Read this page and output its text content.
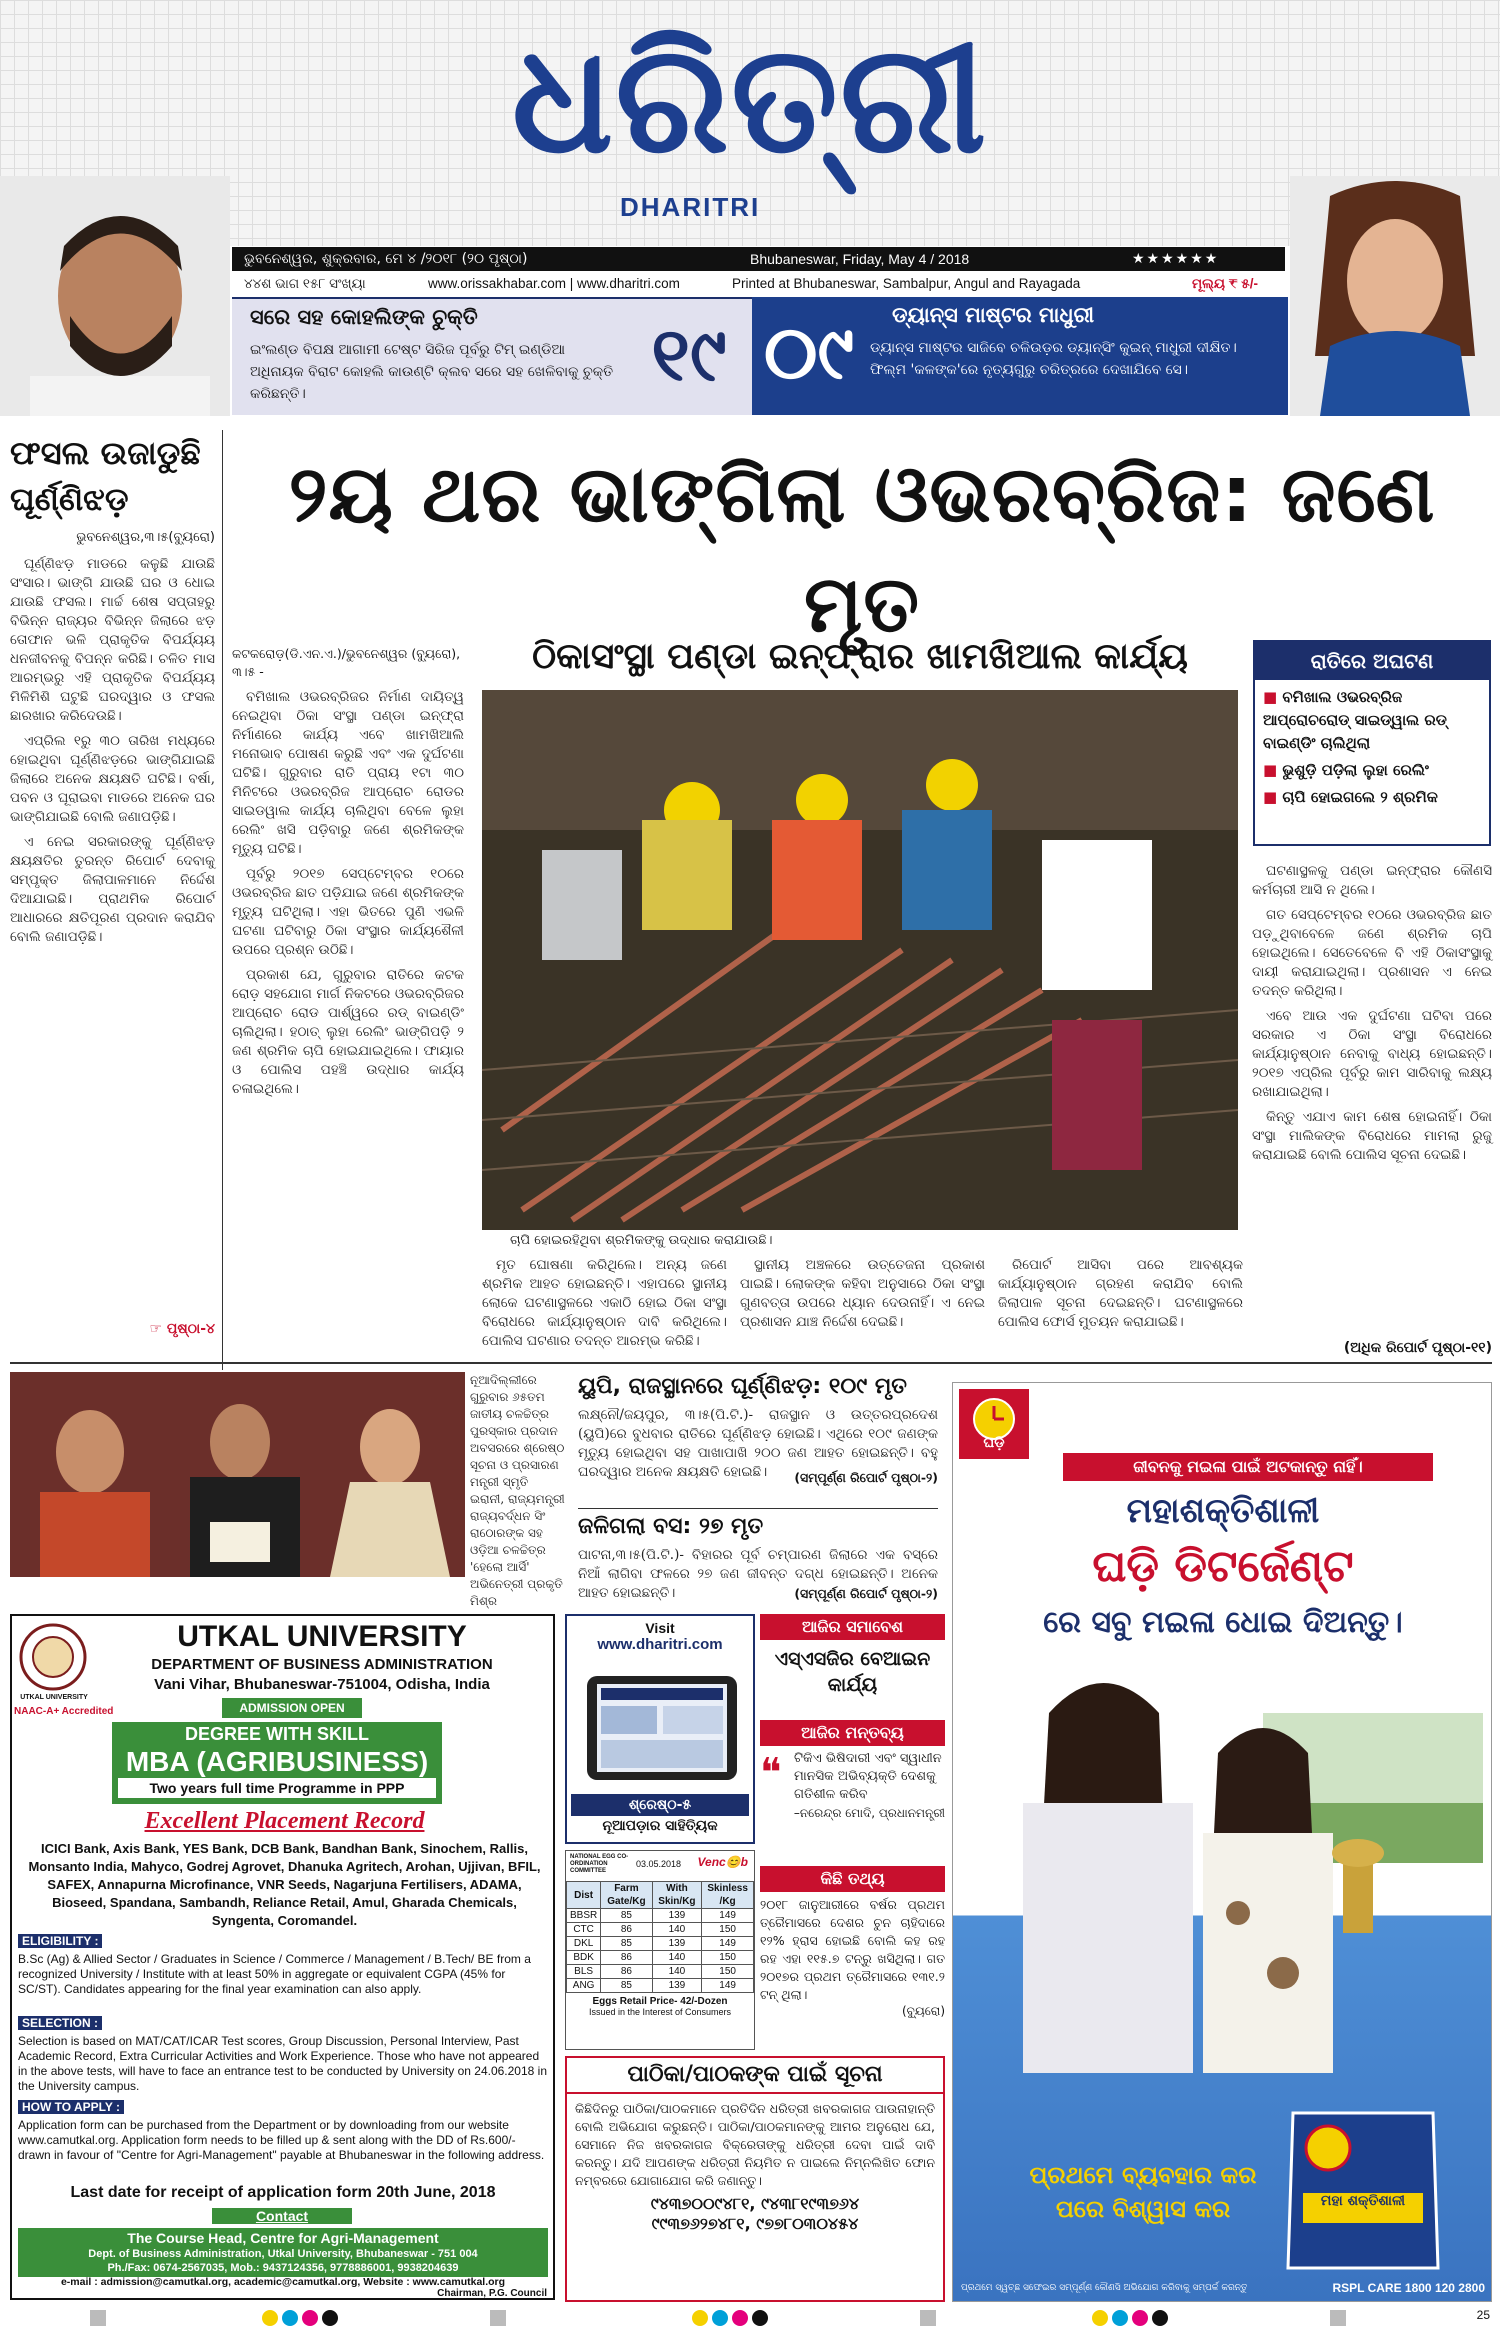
ଧରିତ୍ରୀ
DHARITRI
ଭୁବନେଶ୍ୱର, ଶୁକ୍ରବାର, ମେ ୪ /୨୦୧୮ (୨୦ ପୃଷ୍ଠା)	Bhubaneswar, Friday, May 4 / 2018	★★★★★★
୪୪ଶ ଭାଗ ୧୫୮ ସଂଖ୍ୟା	www.orissakhabar.com | www.dharitri.com	Printed at Bhubaneswar, Sambalpur, Angul and Rayagada	ମୂଲ୍ୟ ₹ ୫/-
ସରେ ସହ କୋହଲିଙ୍କ ଚୁକ୍ତି
ଇଂଲଣ୍ଡ ବିପକ୍ଷ ଆଗାମୀ ଟେଷ୍ଟ ସିରିଜ ପୂର୍ବରୁ ଟିମ୍ ଇଣ୍ଡିଆ ଅଧିନାୟକ ବିରାଟ କୋହଲି କାଉଣ୍ଟି କ୍ଲବ ସରେ ସହ ଖେଳିବାକୁ ଚୁକ୍ତି କରିଛନ୍ତି।	୧୯ ୦୯	ଡ୍ୟାନ୍ସ ମାଷ୍ଟର ମାଧୁରୀ
ଡ୍ୟାନ୍ସ ମାଷ୍ଟର ସାଜିବେ ଚଳିଉଡ଼ର ଡ୍ୟାନ୍ସିଂ କୁଇନ୍ ମାଧୁରୀ ଦୀକ୍ଷିତ। ଫିଲ୍ମ 'କଳଙ୍କ'ରେ ନୃତ୍ୟଗୁରୁ ଚରିତ୍ରରେ ଦେଖାଯିବେ ସେ।
ଫସଲ ଉଜାଡୁଛି ଘୂର୍ଣ୍ଣିଝଡ଼
ଭୁବନେଶ୍ୱର,୩।୫(ବ୍ୟୁରୋ)

ଘୂର୍ଣ୍ଣିଝଡ଼ ମାଡରେ କଳୁଛି ଯାଉଛି ସଂସାର। ଭାଙ୍ଗି ଯାଉଛି ଘର ଓ ଧୋଇ ଯାଉଛି ଫସଲ। ମାର୍ଚ୍ଚ ଶେଷ ସପ୍ତାହରୁ ବିଭିନ୍ନ ରାଜ୍ୟର ବିଭିନ୍ନ ଜିଲାରେ ଝଡ଼ ତୋଫାନ ଭଳି ପ୍ରାକୃତିକ ବିପର୍ଯ୍ୟୟ ଧନଜୀବନକୁ ବିପନ୍ନ କରିଛି। ଚଳିତ ମାସ ଆରମ୍ଭରୁ ଏହି ପ୍ରାକୃତିକ ବିପର୍ଯ୍ୟୟ ମିଳିମିଶି ଘଟୁଛି ଘରଦ୍ୱାର ଓ ଫସଲ ଛାରଖାର କରିଦେଉଛି।

ଏପ୍ରିଲ ୧ରୁ ୩୦ ତାରିଖ ମଧ୍ୟରେ ହୋଇଥିବା ଘୂର୍ଣ୍ଣିଝଡ଼ରେ ଭାଙ୍ଗିଯାଇଛି ଜିଲାରେ ଅନେକ କ୍ଷୟକ୍ଷତି ଘଟିଛି। ବର୍ଷା, ପବନ ଓ ଘୂରାଇବା ମାଡରେ ଅନେକ ଘର ଭାଙ୍ଗିଯାଇଛି ବୋଲି ଜଣାପଡ଼ିଛି।

ଏ ନେଇ ସରକାରଙ୍କୁ ଘୂର୍ଣ୍ଣିଝଡ଼ କ୍ଷୟକ୍ଷତିର ତୁରନ୍ତ ରିପୋର୍ଟ ଦେବାକୁ ସମ୍ପୃକ୍ତ ଜିଲାପାଳମାନେ ନିର୍ଦ୍ଦେଶ ଦିଆଯାଇଛି। ପ୍ରାଥମିକ ରିପୋର୍ଟ ଆଧାରରେ କ୍ଷତିପୂରଣ ପ୍ରଦାନ କରାଯିବ ବୋଲି ଜଣାପଡ଼ିଛି।

☞ ପୃଷ୍ଠା-୪
୨ୟ ଥର ଭାଙ୍ଗିଲା ଓଭରବ୍ରିଜ: ଜଣେ ମୃତ
କଟକରୋଡ଼(ଡି.ଏନ.ଏ.)/ଭୁବନେଶ୍ୱର (ବ୍ୟୁରୋ), ୩।୫ -	ଠିକାସଂସ୍ଥା ପଣ୍ଡା ଇନ୍‌ଫ୍ରାର ଖାମଖିଆଲ କାର୍ଯ୍ୟ	ରାତିରେ ଅଘଟଣ
■ ବମିଖାଲ ଓଭରବ୍ରିଜ ଆପ୍ରୋଚରୋଡ୍ ସାଇଡ୍‌ୱାଲ ରଡ୍ ବାଇଣ୍ଡିଂ ଚାଲିଥିଲା
■ ଭୁଶୁଡ଼ି ପଡ଼ିଲା ଲୁହା ରେଲିଂ
■ ଚାପି ହୋଇଗଲେ ୨ ଶ୍ରମିକ

ବମିଖାଲ ଓଭରବ୍ରିଜର ନିର୍ମାଣ ଦାୟିତ୍ୱ ନେଇଥିବା ଠିକା ସଂସ୍ଥା ପଣ୍ଡା ଇନ୍‌ଫ୍ରା ନିର୍ମାଣରେ କାର୍ଯ୍ୟ ଏବେ ଖାମଖିଆଲି ମନୋଭାବ ପୋଷଣ କରୁଛି ଏବଂ ଏକ ଦୁର୍ଘଟଣା ଘଟିଛି। ଗୁରୁବାର ରାତି ପ୍ରାୟ ୧ଟା ୩୦ ମିନିଟରେ ଓଭରବ୍ରିଜ ଆପ୍ରୋଚ ରୋଡର ସାଇଡୱାଲ କାର୍ଯ୍ୟ ଚାଲିଥିବା ବେଳେ ଲୁହା ରେଲିଂ ଖସି ପଡ଼ିବାରୁ ଜଣେ ଶ୍ରମିକଙ୍କ ମୃତ୍ୟୁ ଘଟିଛି।

ପୂର୍ବରୁ ୨୦୧୭ ସେପ୍ଟେମ୍ବର ୧୦ରେ ଓଭରବ୍ରିଜ ଛାତ ପଡ଼ିଯାଇ ଜଣେ ଶ୍ରମିକଙ୍କ ମୃତ୍ୟୁ ଘଟିଥିଲା। ଏହା ଭିତରେ ପୁଣି ଏଭଳି ଘଟଣା ଘଟିବାରୁ ଠିକା ସଂସ୍ଥାର କାର୍ଯ୍ୟଶୈଳୀ ଉପରେ ପ୍ରଶ୍ନ ଉଠିଛି।

ପ୍ରକାଶ ଯେ, ଗୁରୁବାର ରାତିରେ କଟକ ରୋଡ଼ ସହଯୋଗ ମାର୍ଗ ନିକଟରେ ଓଭରବ୍ରିଜର ଆପ୍ରୋଚ ରୋଡ ପାର୍ଶ୍ୱରେ ରଡ୍ ବାଇଣ୍ଡିଂ ଚାଲିଥିଲା। ହଠାତ୍ ଲୁହା ରେଲିଂ ଭାଙ୍ଗିପଡ଼ି ୨ ଜଣ ଶ୍ରମିକ ଚାପି ହୋଇଯାଇଥିଲେ। ଫାୟାର ଓ ପୋଲିସ ପହଞ୍ଚି ଉଦ୍ଧାର କାର୍ଯ୍ୟ ଚଳାଇଥିଲେ।

ଚାପି ହୋଇରହିଥିବା ଶ୍ରମିକଙ୍କୁ ଉଦ୍ଧାର କରାଯାଉଛି।

ଘଟଣାସ୍ଥଳକୁ ପଣ୍ଡା ଇନ୍‌ଫ୍ରାର କୌଣସି କର୍ମଚାରୀ ଆସି ନ ଥିଲେ।

ଗତ ସେପ୍ଟେମ୍ବର ୧୦ରେ ଓଭରବ୍ରିଜ ଛାତ ପଡ଼ୁଥିବାବେଳେ ଜଣେ ଶ୍ରମିକ ଚାପି ହୋଇଥିଲେ। ସେତେବେଳେ ବି ଏହି ଠିକାସଂସ୍ଥାକୁ ଦାୟୀ କରାଯାଇଥିଲା। ପ୍ରଶାସନ ଏ ନେଇ ତଦନ୍ତ କରିଥିଲା।

ଏବେ ଆଉ ଏକ ଦୁର୍ଘଟଣା ଘଟିବା ପରେ ସରକାର ଏ ଠିକା ସଂସ୍ଥା ବିରୋଧରେ କାର୍ଯ୍ୟାନୁଷ୍ଠାନ ନେବାକୁ ବାଧ୍ୟ ହୋଇଛନ୍ତି। ୨୦୧୭ ଏପ୍ରିଲ ପୂର୍ବରୁ କାମ ସାରିବାକୁ ଲକ୍ଷ୍ୟ ରଖାଯାଇଥିଲା।

କିନ୍ତୁ ଏଯାଏ କାମ ଶେଷ ହୋଇନାହିଁ। ଠିକା ସଂସ୍ଥା ମାଲିକଙ୍କ ବିରୋଧରେ ମାମଲା ରୁଜୁ କରାଯାଇଛି ବୋଲି ପୋଲିସ ସୂଚନା ଦେଇଛି।

ମୃତ ଘୋଷଣା କରିଥିଲେ। ଅନ୍ୟ ଜଣେ ଶ୍ରମିକ ଆହତ ହୋଇଛନ୍ତି। ଏହାପରେ ସ୍ଥାନୀୟ ଲୋକେ ଘଟଣାସ୍ଥଳରେ ଏକାଠି ହୋଇ ଠିକା ସଂସ୍ଥା ବିରୋଧରେ କାର୍ଯ୍ୟାନୁଷ୍ଠାନ ଦାବି କରିଥିଲେ। ପୋଲିସ ଘଟଣାର ତଦନ୍ତ ଆରମ୍ଭ କରିଛି।

ସ୍ଥାନୀୟ ଅଞ୍ଚଳରେ ଉତ୍ତେଜନା ପ୍ରକାଶ ପାଇଛି। ଲୋକଙ୍କ କହିବା ଅନୁସାରେ ଠିକା ସଂସ୍ଥା ଗୁଣବତ୍ତା ଉପରେ ଧ୍ୟାନ ଦେଉନାହିଁ। ଏ ନେଇ ପ୍ରଶାସନ ଯାଞ୍ଚ ନିର୍ଦ୍ଦେଶ ଦେଇଛି।

ରିପୋର୍ଟ ଆସିବା ପରେ ଆବଶ୍ୟକ କାର୍ଯ୍ୟାନୁଷ୍ଠାନ ଗ୍ରହଣ କରାଯିବ ବୋଲି ଜିଲାପାଳ ସୂଚନା ଦେଇଛନ୍ତି। ଘଟଣାସ୍ଥଳରେ ପୋଲିସ ଫୋର୍ସ ମୁତୟନ କରାଯାଇଛି।

(ଅଧିକ ରିପୋର୍ଟ ପୃଷ୍ଠା-୧୧)
ନୂଆଦିଲ୍ଲୀରେ ଗୁରୁବାର ୬୫ତମ ଜାତୀୟ ଚଳଚ୍ଚିତ୍ର ପୁରସ୍କାର ପ୍ରଦାନ ଅବସରରେ ଶ୍ରେଷ୍ଠ ସୂଚନା ଓ ପ୍ରସାରଣ ମନ୍ତ୍ରୀ ସ୍ମୃତି ଇରାନୀ, ରାଜ୍ୟମନ୍ତ୍ରୀ ରାଜ୍ୟବର୍ଦ୍ଧନ ସିଂ ରାଠୋରଙ୍କ ସହ ଓଡ଼ିଆ ଚଳଚ୍ଚିତ୍ର 'ହେଲୋ ଆର୍ସି' ଅଭିନେତ୍ରୀ ପ୍ରକୃତି ମିଶ୍ର
ୟୁପି, ରାଜସ୍ଥାନରେ ଘୂର୍ଣ୍ଣିଝଡ଼: ୧୦୯ ମୃତ
ଲକ୍ଷ୍ନୌ/ଜୟପୁର, ୩।୫(ପି.ଟି.)- ରାଜସ୍ଥାନ ଓ ଉତ୍ତରପ୍ରଦେଶ (ୟୁପି)ରେ ବୁଧବାର ରାତିରେ ଘୂର୍ଣ୍ଣିଝଡ଼ ହୋଇଛି। ଏଥିରେ ୧୦୯ ଜଣଙ୍କ ମୃତ୍ୟୁ ହୋଇଥିବା ସହ ପାଖାପାଖି ୨୦୦ ଜଣ ଆହତ ହୋଇଛନ୍ତି। ବହୁ ଘରଦ୍ୱାର ଅନେକ କ୍ଷୟକ୍ଷତି ହୋଇଛି।	(ସମ୍ପୂର୍ଣ୍ଣ ରିପୋର୍ଟ ପୃଷ୍ଠା-୨)
ଜଳିଗଲା ବସ: ୨୭ ମୃତ
ପାଟନା,୩।୫(ପି.ଟି.)- ବିହାରର ପୂର୍ବ ଚମ୍ପାରଣ ଜିଲାରେ ଏକ ବସ୍‌ରେ ନିଆଁ ଲାଗିବା ଫଳରେ ୨୭ ଜଣ ଜୀବନ୍ତ ଦଗ୍ଧ ହୋଇଛନ୍ତି। ଅନେକ ଆହତ ହୋଇଛନ୍ତି।	(ସମ୍ପୂର୍ଣ୍ଣ ରିପୋର୍ଟ ପୃଷ୍ଠା-୨)
UTKAL UNIVERSITY
NAAC-A+ Accredited
UTKAL UNIVERSITY
DEPARTMENT OF BUSINESS ADMINISTRATION
Vani Vihar, Bhubaneswar-751004, Odisha, India
ADMISSION OPEN
DEGREE WITH SKILL
MBA (AGRIBUSINESS)
Two years full time Programme in PPP
Excellent Placement Record
ICICI Bank, Axis Bank, YES Bank, DCB Bank, Bandhan Bank, Sinochem, Rallis, Monsanto India, Mahyco, Godrej Agrovet, Dhanuka Agritech, Arohan, Ujjivan, BFIL, SAFEX, Annapurna Microfinance, VNR Seeds, Nagarjuna Fertilisers, ADAMA, Bioseed, Spandana, Sambandh, Reliance Retail, Amul, Gharada Chemicals, Syngenta, Coromandel.
ELIGIBILITY :
B.Sc (Ag) & Allied Sector / Graduates in Science / Commerce / Management / B.Tech/ BE from a recognized University / Institute with at least 50% in aggregate or equivalent CGPA (45% for SC/ST). Candidates appearing for the final year examination can also apply.
SELECTION :
Selection is based on MAT/CAT/ICAR Test scores, Group Discussion, Personal Interview, Past Academic Record, Extra Curricular Activities and Work Experience. Those who have not appeared in the above tests, will have to face an entrance test to be conducted by University on 24.06.2018 in the University campus.
HOW TO APPLY :
Application form can be purchased from the Department or by downloading from our website www.camutkal.org. Application form needs to be filled up & sent along with the DD of Rs.600/- drawn in favour of "Centre for Agri-Management" payable at Bhubaneswar in the following address.
Last date for receipt of application form 20th June, 2018
Contact
The Course Head, Centre for Agri-Management
Dept. of Business Administration, Utkal University, Bhubaneswar - 751 004
Ph./Fax: 0674-2567035, Mob.: 9437124356, 9778886001, 9938204639
e-mail : admission@camutkal.org, academic@camutkal.org, Website : www.camutkal.org
Chairman, P.G. Council
Visit
www.dharitri.com
ଶ୍ରେଷ୍ଠ-୫
ନୂଆପଡ଼ାର ସାହିତ୍ୟିକ
NATIONAL EGG CO-ORDINATION COMMITTEE
03.05.2018 Venc😊b
Dist	Farm Gate/Kg	With Skin/Kg	Skinless /Kg
BBSR	85	139	149
CTC	86	140	150
DKL	85	139	149
BDK	86	140	150
BLS	86	140	150
ANG	85	139	149
Eggs Retail Price- 42/-Dozen
Issued in the Interest of Consumers
ଆଜିର ସମାବେଶ
ଏସ୍ଏସଜିର ବେଆଇନ କାର୍ଯ୍ୟ
ଆଜିର ମନ୍ତବ୍ୟ
❝ ଟିକିଏ ଭିଷିଦାରୀ ଏବଂ ସ୍ୱାଧୀନ ମାନସିକ ଅଭିବ୍ୟକ୍ତି ଦେଶକୁ ଗତିଶୀଳ କରିବ
–ନରେନ୍ଦ୍ର ମୋଦି, ପ୍ରଧାନମନ୍ତ୍ରୀ
କିଛି ତଥ୍ୟ
୨୦୧୮ ଜାନୁଆରୀରେ ବର୍ଷ‌ର ପ୍ରଥମ ତ୍ରୈମାସରେ ଦେଶର ଚୁନ ଚାହିଦାରେ ୧୨% ହ୍ରାସ ହୋଇଛି ବୋଲି କହ ରହ ରହ ଏହା ୧୧୫.୭ ଟନ୍‌ରୁ ଖସିଥିଲା। ଗତ ୨୦୧୭ର ପ୍ରଥମ ତ୍ରୈମାସରେ ୧୩୧.୨ ଟନ୍ ଥିଲା।
(ବ୍ୟୁରୋ)
ପାଠିକା/ପାଠକଙ୍କ ପାଇଁ ସୂଚନା
କିଛିଦିନରୁ ପାଠିକା/ପାଠକମାନେ ପ୍ରତିଦିନ ଧରିତ୍ରୀ ଖବରକାଗଜ ପାଉନାହାନ୍ତି ବୋଲି ଅଭିଯୋଗ କରୁଛନ୍ତି। ପାଠିକା/ପାଠକମାନଙ୍କୁ ଆମର ଅନୁରୋଧ ଯେ, ସେମାନେ ନିଜ ଖବରକାଗଜ ବିକ୍ରେତାଙ୍କୁ ଧରିତ୍ରୀ ଦେବା ପାଇଁ ଦାବି କରନ୍ତୁ। ଯଦି ଆପଣଙ୍କ ଧରିତ୍ରୀ ନିୟମିତ ନ ପାଇଲେ ନିମ୍ନଲିଖିତ ଫୋନ ନମ୍ବରରେ ଯୋଗାଯୋଗ କରି ଜଣାନ୍ତୁ।
୯୪୩୭୦୦୯୪୮୧, ୯୪୩୮୧୯୩୭୬୪
୯୯୩୭୬୨୭୪୮୧, ୯୭୭୮୦୩୦୪୫୪
ଘଡ଼ି
ଜୀବନକୁ ମଇଳା ପାଇଁ ଅଟକାନ୍ତୁ ନାହିଁ।
ମହାଶକ୍ତିଶାଳୀ
ଘଡ଼ି ଡିଟର୍ଜେଣ୍ଟ
ରେ ସବୁ ମଇଳା ଧୋଇ ଦିଅନ୍ତୁ।
ମହା ଶକ୍ତିଶାଳୀ
ପ୍ରଥମେ ବ୍ୟବହାର କର
ପରେ ବିଶ୍ୱାସ କର
ପ୍ରଥମେ ସ୍ୱଚ୍ଛ ସଫେଇର ସମ୍ପୂର୍ଣ୍ଣ କୌଣସି ଅଭିଯୋଗ କରିବାକୁ ସମ୍ପର୍କ କରନ୍ତୁ	RSPL CARE 1800 120 2800
25
